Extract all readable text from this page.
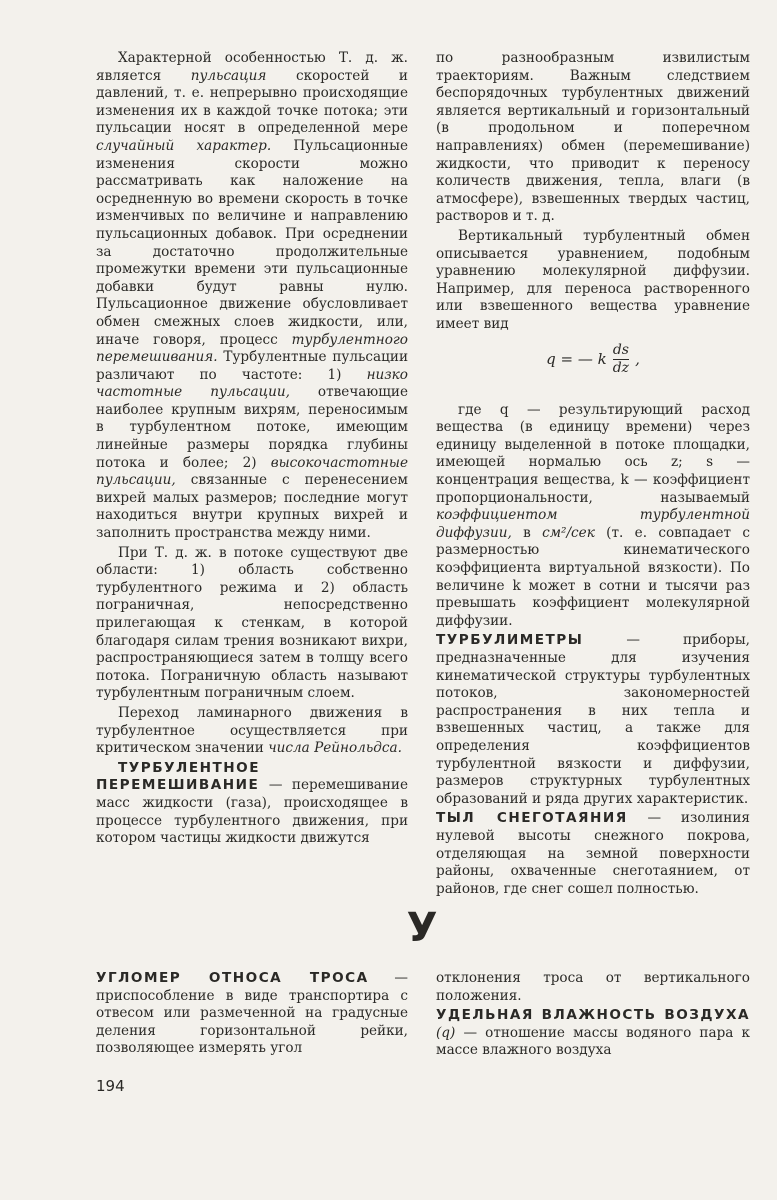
Характерной особенностью Т. д. ж. является пульсация скоростей и давлений, т. е. непрерывно происходящие изменения их в каждой точке потока; эти пульсации носят в определенной мере случайный характер. Пульсационные изменения скорости можно рассматривать как наложение на осредненную во времени скорость в точке изменчивых по величине и направлению пульсационных добавок. При осреднении за достаточно продолжительные промежутки времени эти пульсационные добавки будут равны нулю. Пульсационное движение обусловливает обмен смежных слоев жидкости, или, иначе говоря, процесс турбулентного перемешивания. Турбулентные пульсации различают по частоте: 1) низко частотные пульсации, отвечающие наиболее крупным вихрям, переносимым в турбулентном потоке, имеющим линейные размеры порядка глубины потока и более; 2) высокочастотные пульсации, связанные с перенесением вихрей малых размеров; последние могут находиться внутри крупных вихрей и заполнить пространства между ними.

При Т. д. ж. в потоке существуют две области: 1) область собственно турбулентного режима и 2) область пограничная, непосредственно прилегающая к стенкам, в которой благодаря силам трения возникают вихри, распространяющиеся затем в толщу всего потока. Пограничную область называют турбулентным пограничным слоем.

Переход ламинарного движения в турбулентное осуществляется при критическом значении числа Рейнольдса.

ТУРБУЛЕНТНОЕ ПЕРЕМЕШИВАНИЕ — перемешивание масс жидкости (газа), происходящее в процессе турбулентного движения, при котором частицы жидкости движутся

по разнообразным извилистым траекториям. Важным следствием беспорядочных турбулентных движений является вертикальный и горизонтальный (в продольном и поперечном направлениях) обмен (перемешивание) жидкости, что приводит к переносу количеств движения, тепла, влаги (в атмосфере), взвешенных твердых частиц, растворов и т. д.

Вертикальный турбулентный обмен описывается уравнением, подобным уравнению молекулярной диффузии. Например, для переноса растворенного или взвешенного вещества уравнение имеет вид

q = — k $\frac{ds}{dz}$ ,

где q — результирующий расход вещества (в единицу времени) через единицу выделенной в потоке площадки, имеющей нормалью ось z; s — концентрация вещества, k — коэффициент пропорциональности, называемый коэффициентом турбулентной диффузии, в см²/сек (т. е. совпадает с размерностью кинематического коэффициента виртуальной вязкости). По величине k может в сотни и тысячи раз превышать коэффициент молекулярной диффузии.

ТУРБУЛИМЕТРЫ — приборы, предназначенные для изучения кинематической структуры турбулентных потоков, закономерностей распространения в них тепла и взвешенных частиц, а также для определения коэффициентов турбулентной вязкости и диффузии, размеров структурных турбулентных образований и ряда других характеристик.

ТЫЛ СНЕГОТАЯНИЯ — изолиния нулевой высоты снежного покрова, отделяющая на земной поверхности районы, охваченные снеготаянием, от районов, где снег сошел полностью.

У

УГЛОМЕР ОТНОСА ТРОСА — приспособление в виде транспортира с отвесом или размеченной на градусные деления горизонтальной рейки, позволяющее измерять угол

отклонения троса от вертикального положения.

УДЕЛЬНАЯ ВЛАЖНОСТЬ ВОЗДУХА (q) — отношение массы водяного пара к массе влажного воздуха

194
